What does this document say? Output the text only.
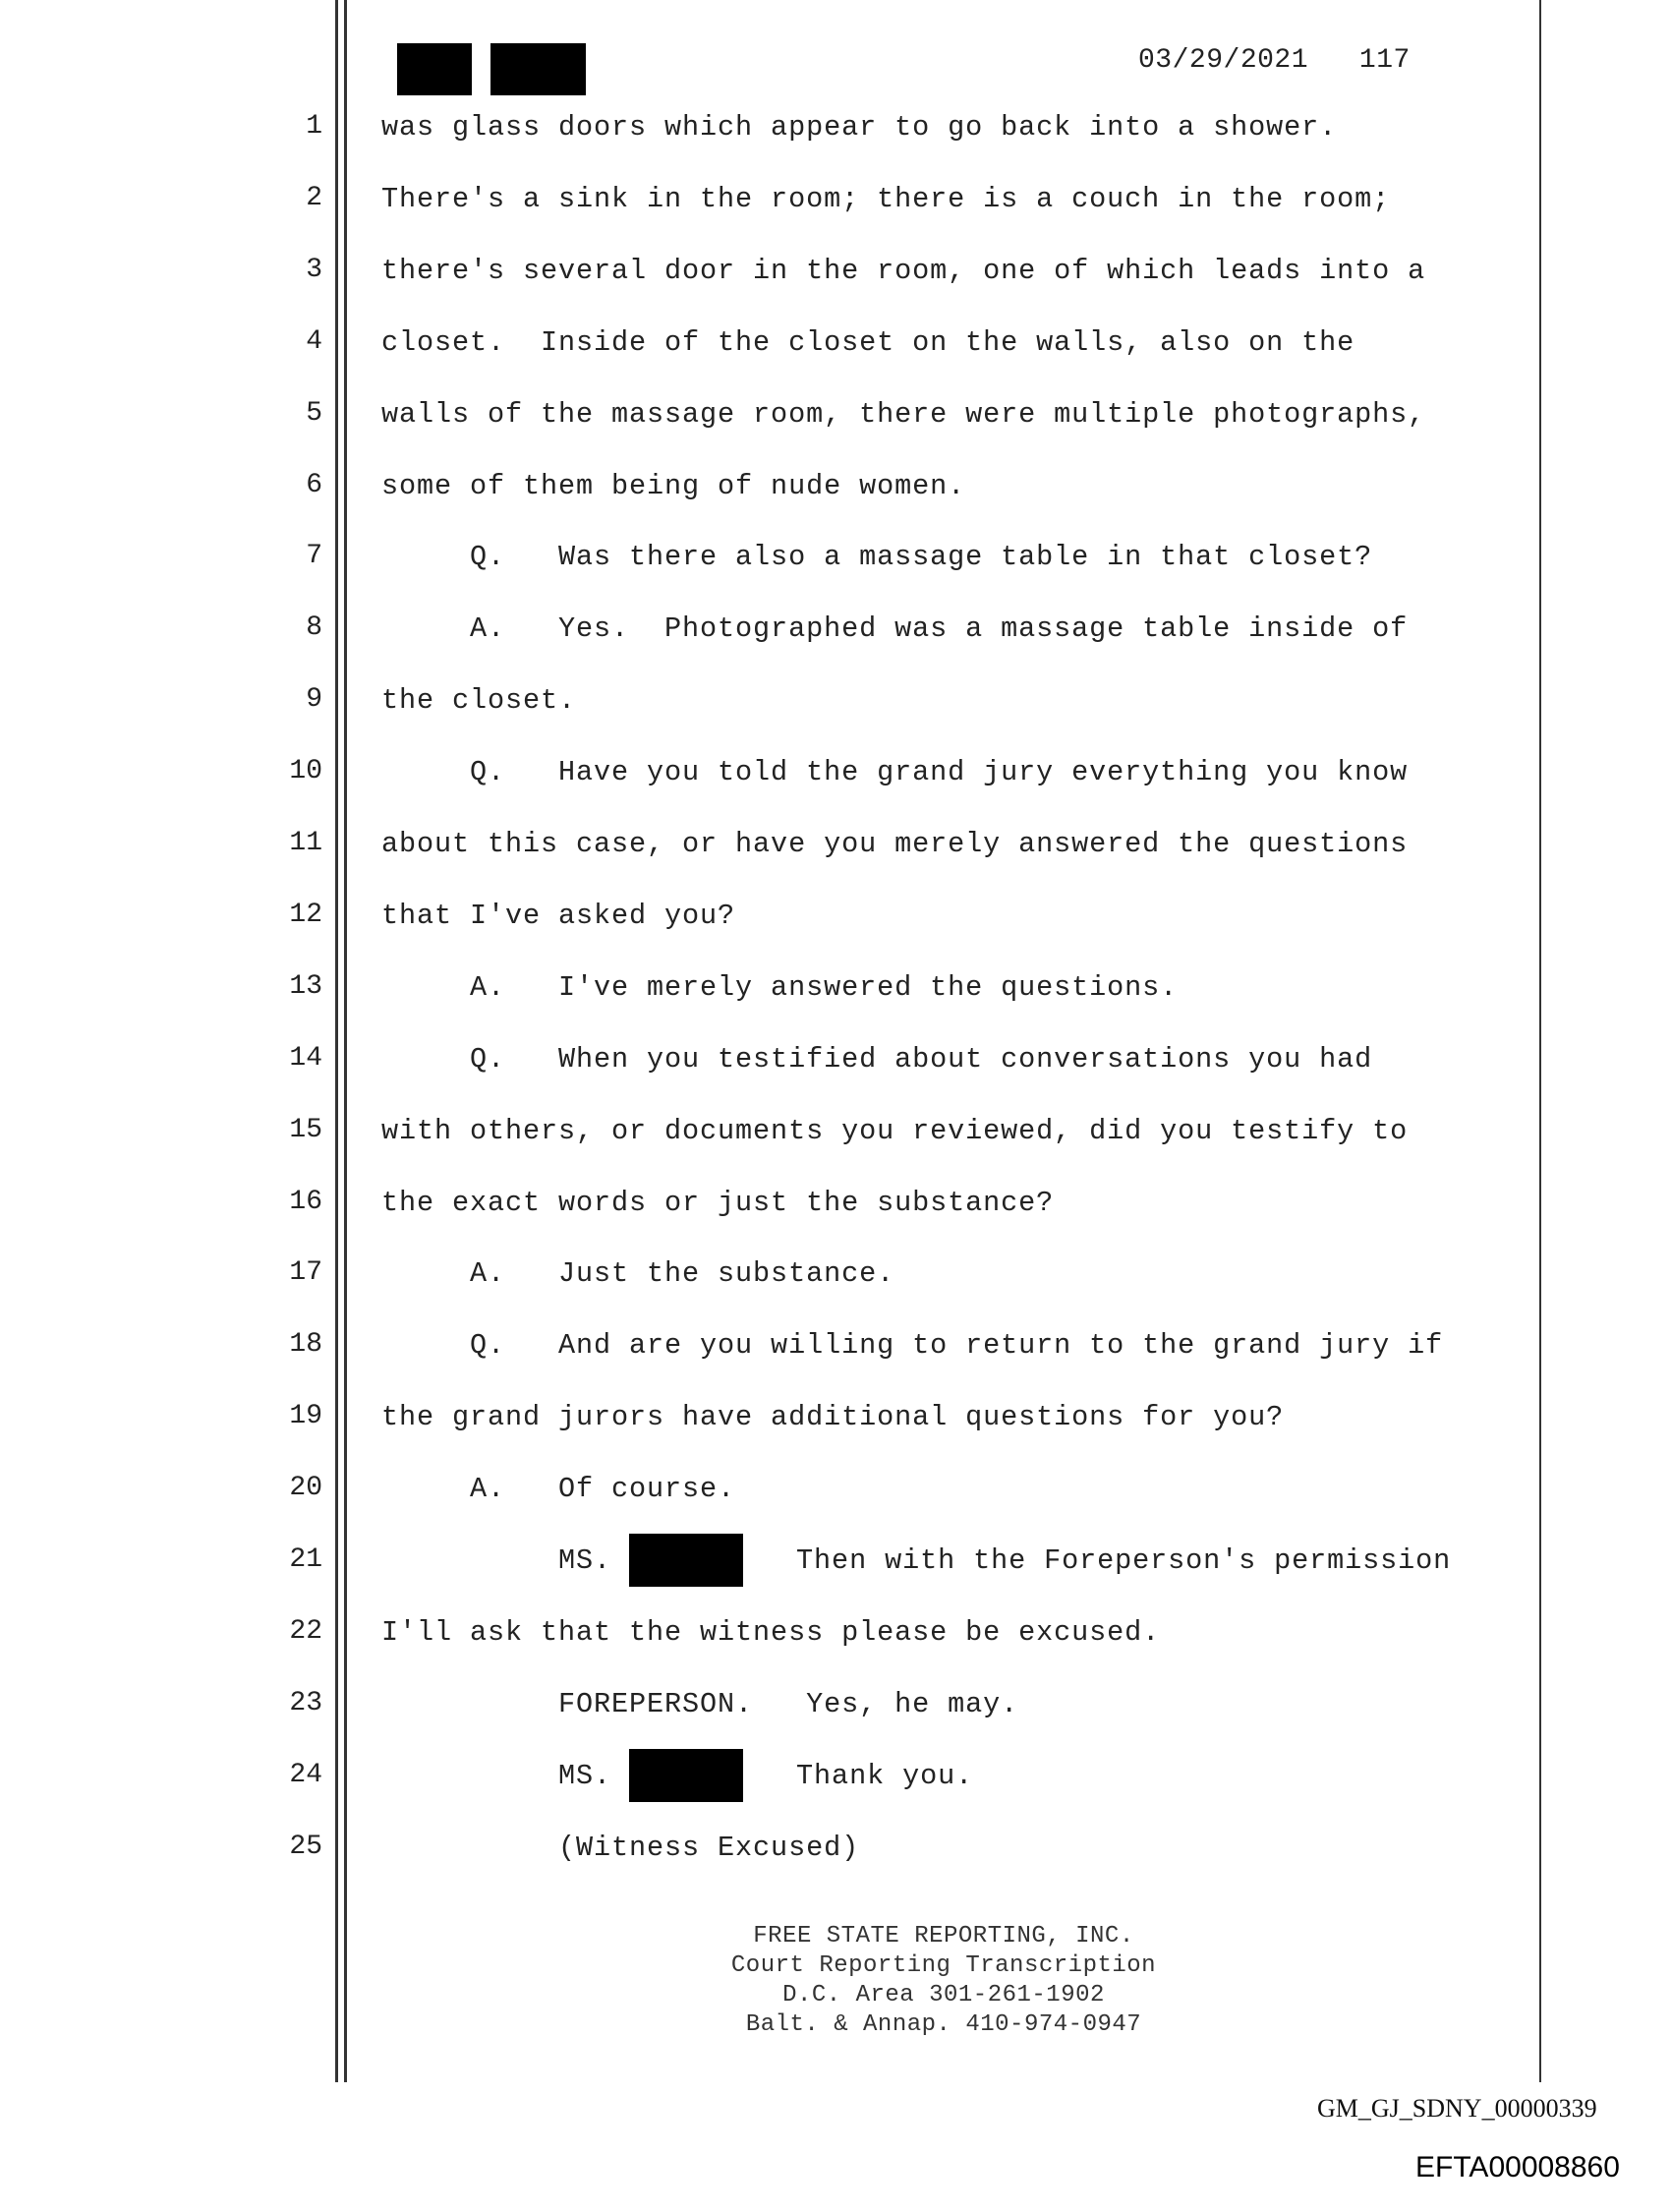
03/29/2021   117
1 was glass doors which appear to go back into a shower.
2 There's a sink in the room; there is a couch in the room;
3 there's several door in the room, one of which leads into a
4 closet.  Inside of the closet on the walls, also on the
5 walls of the massage room, there were multiple photographs,
6 some of them being of nude women.
7 Q.   Was there also a massage table in that closet?
8 A.   Yes.  Photographed was a massage table inside of
9 the closet.
10 Q.   Have you told the grand jury everything you know
11 about this case, or have you merely answered the questions
12 that I've asked you?
13 A.   I've merely answered the questions.
14 Q.   When you testified about conversations you had
15 with others, or documents you reviewed, did you testify to
16 the exact words or just the substance?
17 A.   Just the substance.
18 Q.   And are you willing to return to the grand jury if
19 the grand jurors have additional questions for you?
20 A.   Of course.
21 MS.	Then with the Foreperson's permission
22 I'll ask that the witness please be excused.
23 FOREPERSON.   Yes, he may.
24 MS.	Thank you.
25 (Witness Excused)
FREE STATE REPORTING, INC.
Court Reporting Transcription
D.C. Area 301-261-1902
Balt. & Annap. 410-974-0947
GM_GJ_SDNY_00000339
EFTA00008860
